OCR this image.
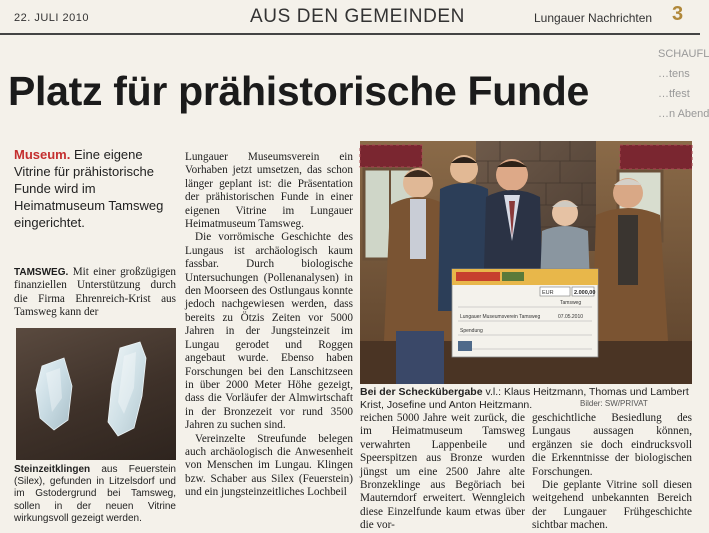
22. JULI 2010	AUS DEN GEMEINDEN	Lungauer Nachrichten 3
SCHAUFL
…tens
…tfest
…n Abend
Platz für prähistorische Funde
Museum. Eine eigene Vitrine für prähistorische Funde wird im Heimatmuseum Tamsweg eingerichtet.

TAMSWEG. Mit einer großzügigen finanziellen Unterstützung durch die Firma Ehrenreich-Krist aus Tamsweg kann der

Steinzeitklingen aus Feuerstein (Silex), gefunden in Litzelsdorf und im Gstodergrund bei Tamsweg, sollen in der neuen Vitrine wirkungsvoll gezeigt werden.

Lungauer Museumsverein ein Vorhaben jetzt umsetzen, das schon länger geplant ist: die Präsentation der prähistorischen Funde in einer eigenen Vitrine im Lungauer Heimatmuseum Tamsweg.

Die vorrömische Geschichte des Lungaus ist archäologisch kaum fassbar. Durch biologische Untersuchungen (Pollenanalysen) in den Moorseen des Ostlungaus konnte jedoch nachgewiesen werden, dass bereits zu Ötzis Zeiten vor 5000 Jahren in der Jungsteinzeit im Lungau gerodet und Roggen angebaut wurde. Ebenso haben Forschungen bei den Lanschitzseen in über 2000 Meter Höhe gezeigt, dass die Vorläufer der Almwirtschaft in der Bronzezeit vor rund 3500 Jahren zu suchen sind.

Vereinzelte Streufunde belegen auch archäologisch die Anwesenheit von Menschen im Lungau. Klingen bzw. Schaber aus Silex (Feuerstein) und ein jungsteinzeitliches Lochbeil

EUR	2.000,00
Lungauer Museumsverein Tamsweg
Tamsweg
07.05.2010
Spendung
Bei der Scheckübergabe v.l.: Klaus Heitzmann, Thomas und Lambert Krist, Josefine und Anton Heitzmann.	Bilder: SW/PRIVAT

reichen 5000 Jahre weit zurück, die im Heimatmuseum Tamsweg verwahrten Lappenbeile und Speerspitzen aus Bronze wurden jüngst um eine 2500 Jahre alte Bronzeklinge aus Begöriach bei Mauterndorf erweitert. Wenngleich diese Einzelfunde kaum etwas über die vor-

geschichtliche Besiedlung des Lungaus aussagen können, ergänzen sie doch eindrucksvoll die Erkenntnisse der biologischen Forschungen.

Die geplante Vitrine soll diesen weitgehend unbekannten Bereich der Lungauer Frühgeschichte sichtbar machen.
